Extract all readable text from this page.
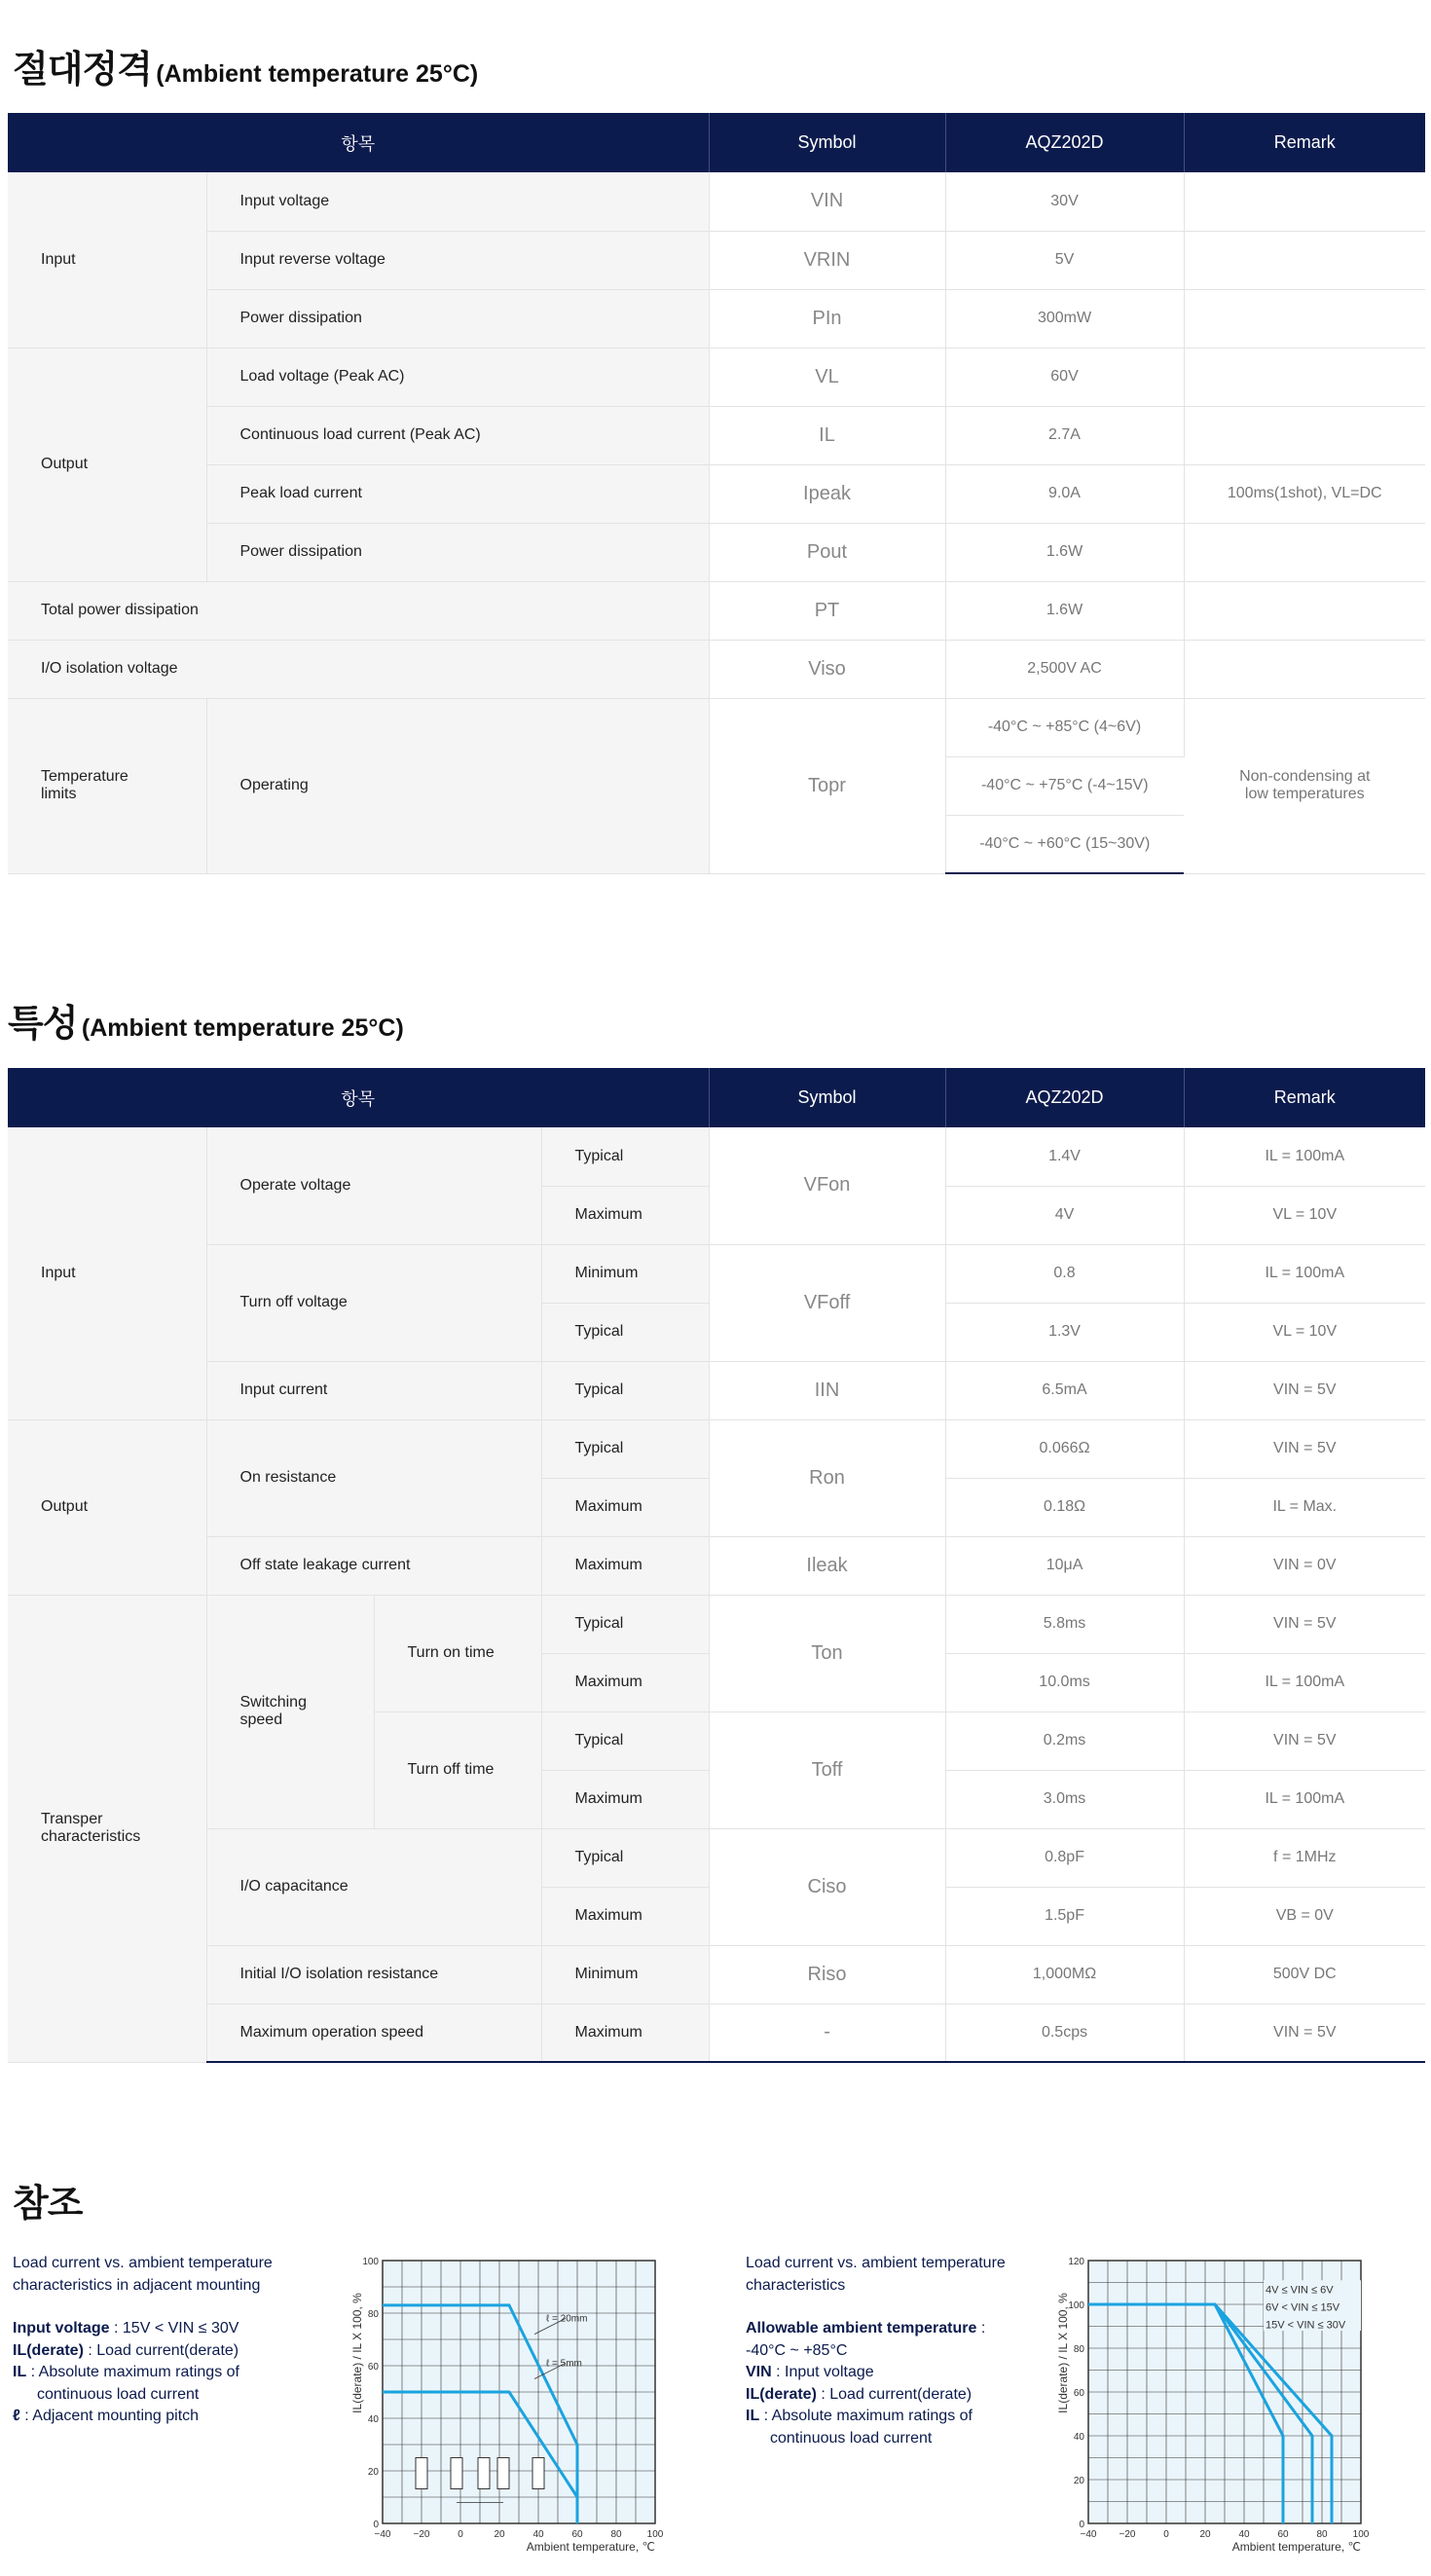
절대정격 (Ambient temperature 25°C)
항목		Symbol	AQZ202D	Remark
Input	Input voltage	VIN	30V	
	Input reverse voltage	VRIN	5V	
	Power dissipation	PIn	300mW	
Output	Load voltage (Peak AC)	VL	60V	
	Continuous load current (Peak AC)	IL	2.7A	
	Peak load current	Ipeak	9.0A	100ms(1shot), VL=DC
	Power dissipation	Pout	1.6W	
Total power dissipation		PT	1.6W	
I/O isolation voltage		Viso	2,500V AC	
Temperature limits	Operating	Topr	-40°C ~ +85°C (4~6V)	Non-condensing at low temperatures
			-40°C ~ +75°C (-4~15V)	
			-40°C ~ +60°C (15~30V)	
특성 (Ambient temperature 25°C)
항목				Symbol	AQZ202D	Remark
Input	Operate voltage		Typical	VFon	1.4V	IL = 100mA
			Maximum		4V	VL = 10V
	Turn off voltage		Minimum	VFoff	0.8	IL = 100mA
			Typical		1.3V	VL = 10V
	Input current		Typical	IIN	6.5mA	VIN = 5V
Output	On resistance		Typical	Ron	0.066Ω	VIN = 5V
			Maximum		0.18Ω	IL = Max.
	Off state leakage current		Maximum	Ileak	10μA	VIN = 0V
Transper characteristics	Switching speed	Turn on time	Typical	Ton	5.8ms	VIN = 5V
			Maximum		10.0ms	IL = 100mA
		Turn off time	Typical	Toff	0.2ms	VIN = 5V
			Maximum		3.0ms	IL = 100mA
	I/O capacitance		Typical	Ciso	0.8pF	f = 1MHz
			Maximum		1.5pF	VB = 0V
	Initial I/O isolation resistance		Minimum	Riso	1,000MΩ	500V DC
	Maximum operation speed		Maximum	-	0.5cps	VIN = 5V
참조
Load current vs. ambient temperature characteristics in adjacent mounting
Input voltage : 15V < VIN ≤ 30V
IL(derate) : Load current(derate)
IL : Absolute maximum ratings of
continuous load current
ℓ : Adjacent mounting pitch
Load current vs. ambient temperature characteristics
Allowable ambient temperature :
-40°C ~ +85°C
VIN : Input voltage
IL(derate) : Load current(derate)
IL : Absolute maximum ratings of
continuous load current
−40 −20	0	20	40	60	80	100
0
20
40
60
80
100
Ambient temperature, ℃
IL(derate) / IL X 100, %	ℓ = 20mm
ℓ = 5mm
−40 −20	0	20	40	60	80	100
0
20
40
60
80
100
120
Ambient temperature, ℃
IL(derate) / IL X 100, %
4V ≤ VIN ≤ 6V
6V < VIN ≤ 15V
15V < VIN ≤ 30V
